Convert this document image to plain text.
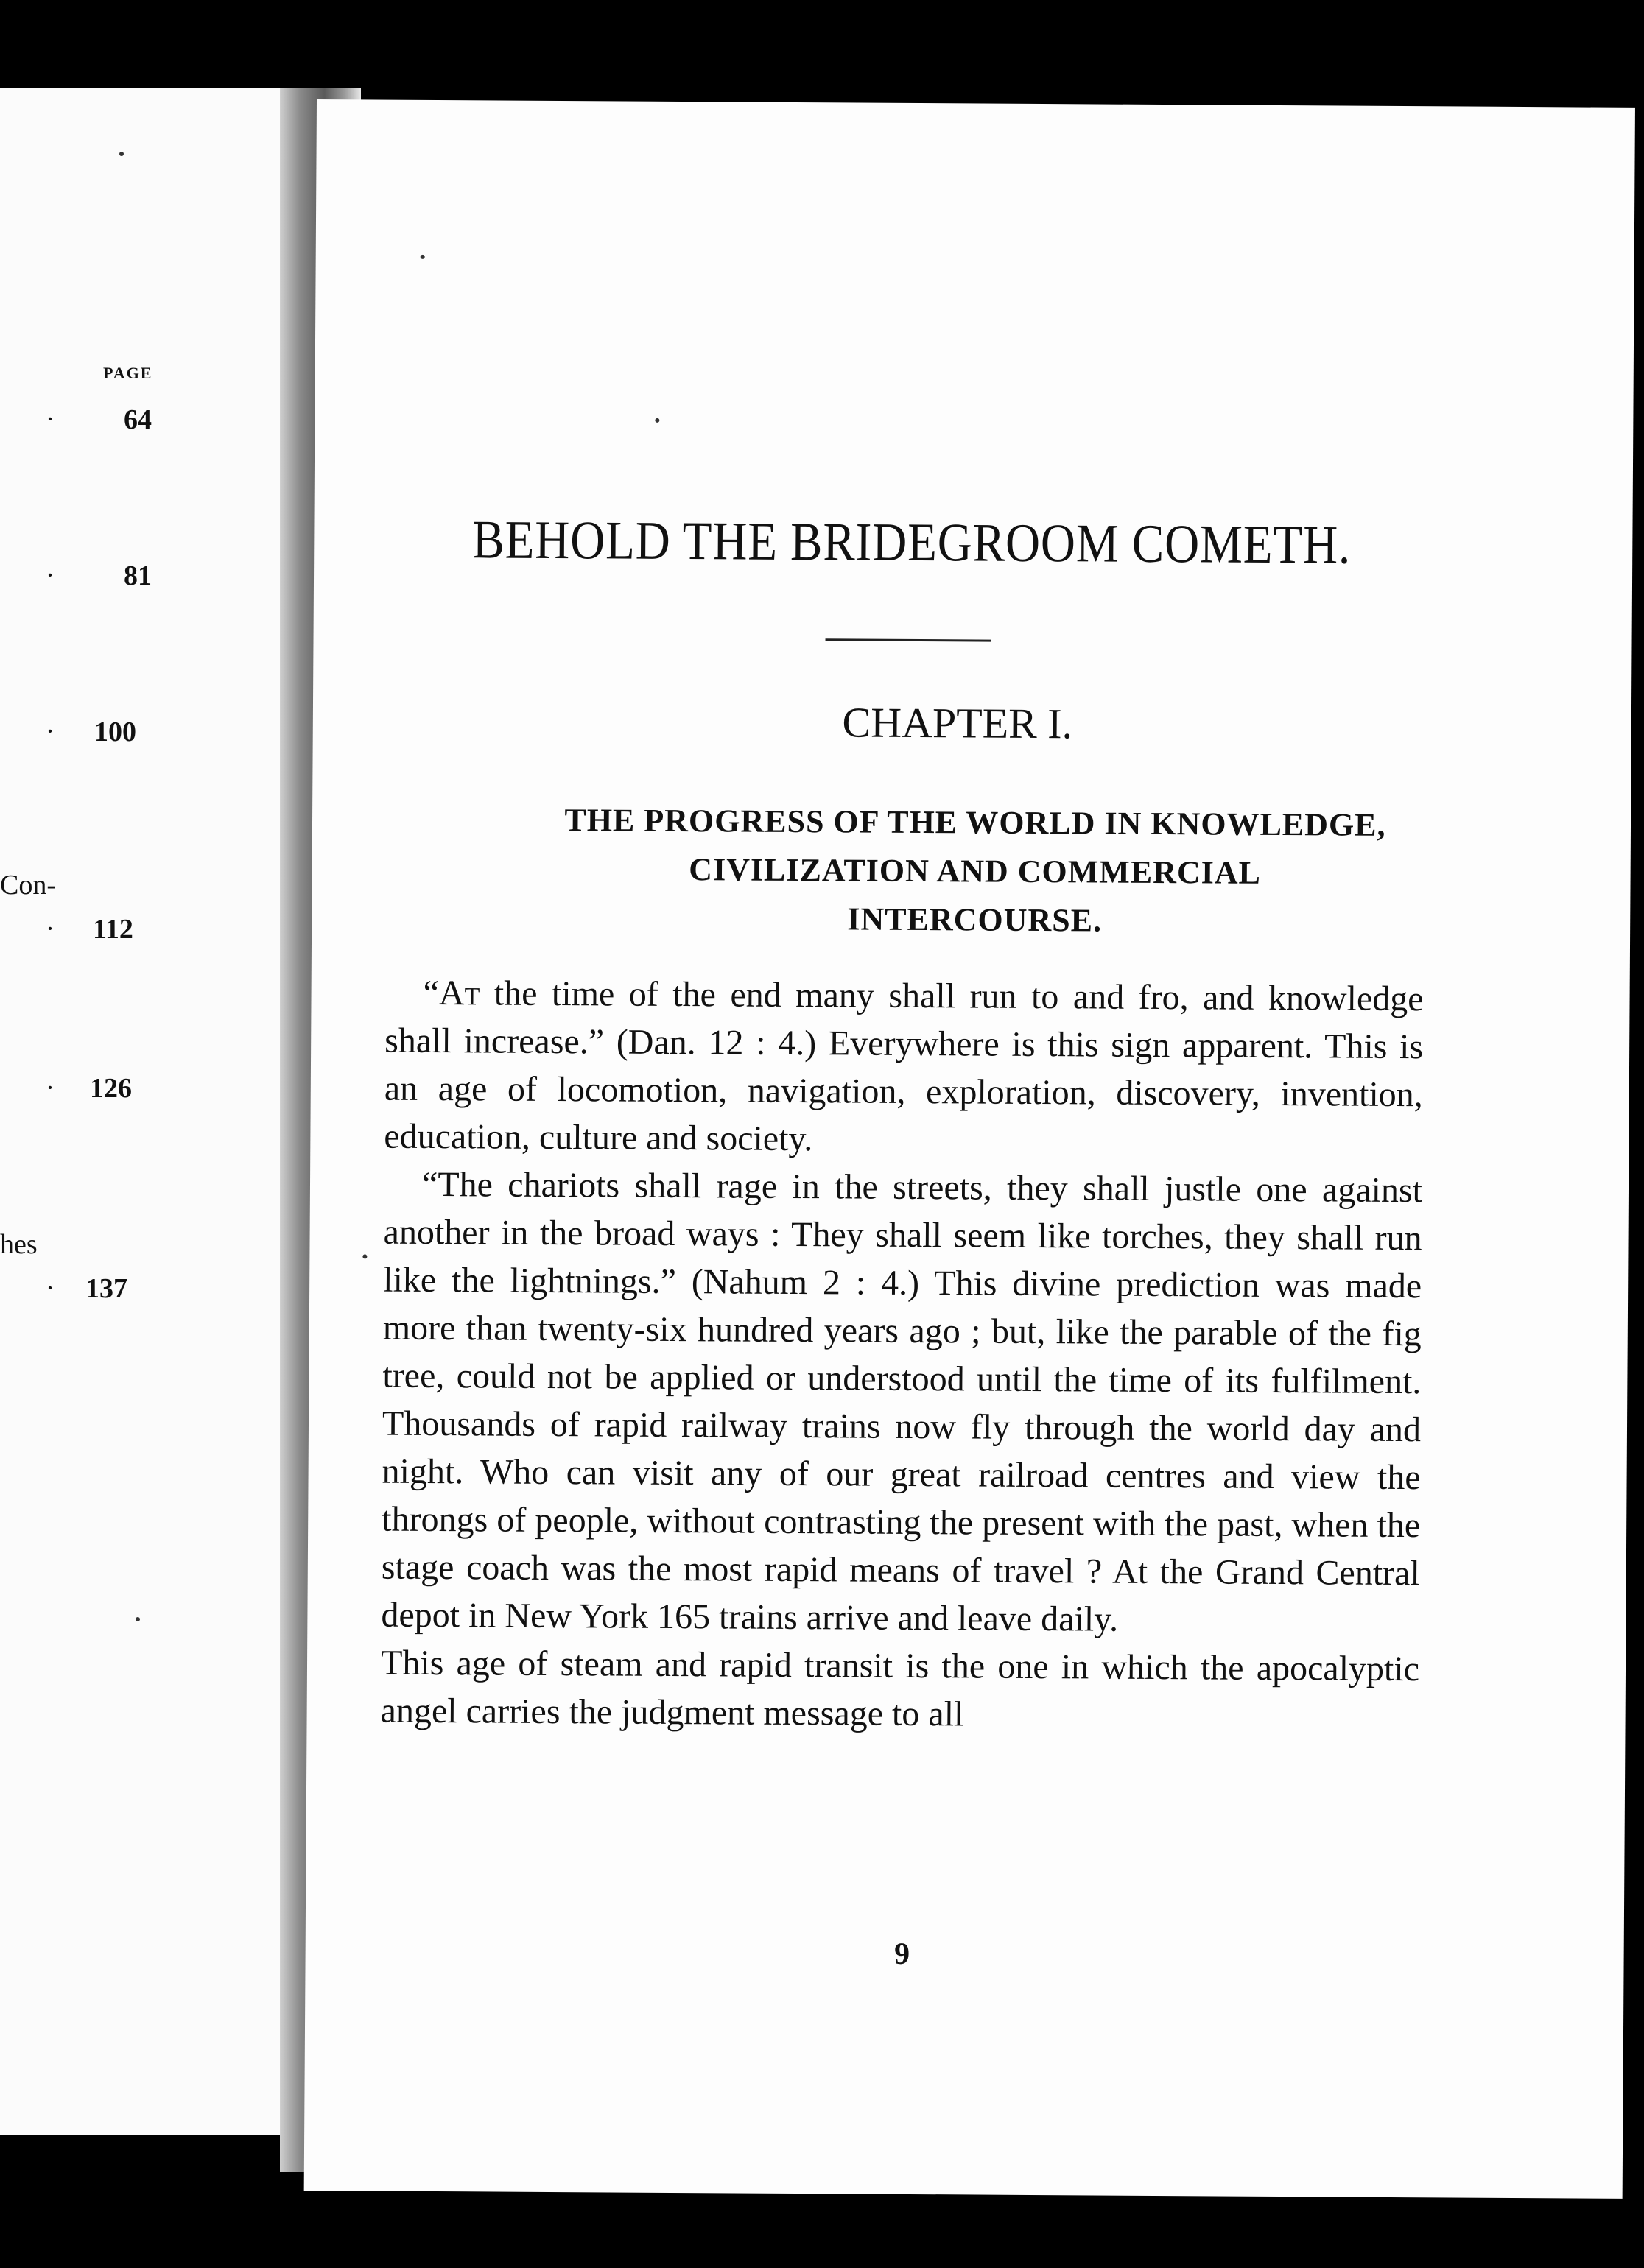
PAGE
· 64
· 81
· 100
Con-
· 112
· 126
hes
· 137
BEHOLD THE BRIDEGROOM COMETH.
CHAPTER I.
THE PROGRESS OF THE WORLD IN KNOWLEDGE,
CIVILIZATION AND COMMERCIAL
INTERCOURSE.

“At the time of the end many shall run to and fro, and knowledge shall increase.” (Dan. 12 : 4.) Everywhere is this sign apparent. This is an age of locomotion, navigation, exploration, discovery, invention, education, culture and society.

“The chariots shall rage in the streets, they shall justle one against another in the broad ways : They shall seem like torches, they shall run like the lightnings.” (Nahum 2 : 4.) This divine prediction was made more than twenty-six hundred years ago ; but, like the parable of the fig tree, could not be applied or understood until the time of its fulfilment. Thousands of rapid railway trains now fly through the world day and night. Who can visit any of our great railroad centres and view the throngs of people, without contrasting the present with the past, when the stage coach was the most rapid means of travel ? At the Grand Central depot in New York 165 trains arrive and leave daily.

This age of steam and rapid transit is the one in which the apocalyptic angel carries the judgment message to all

9
